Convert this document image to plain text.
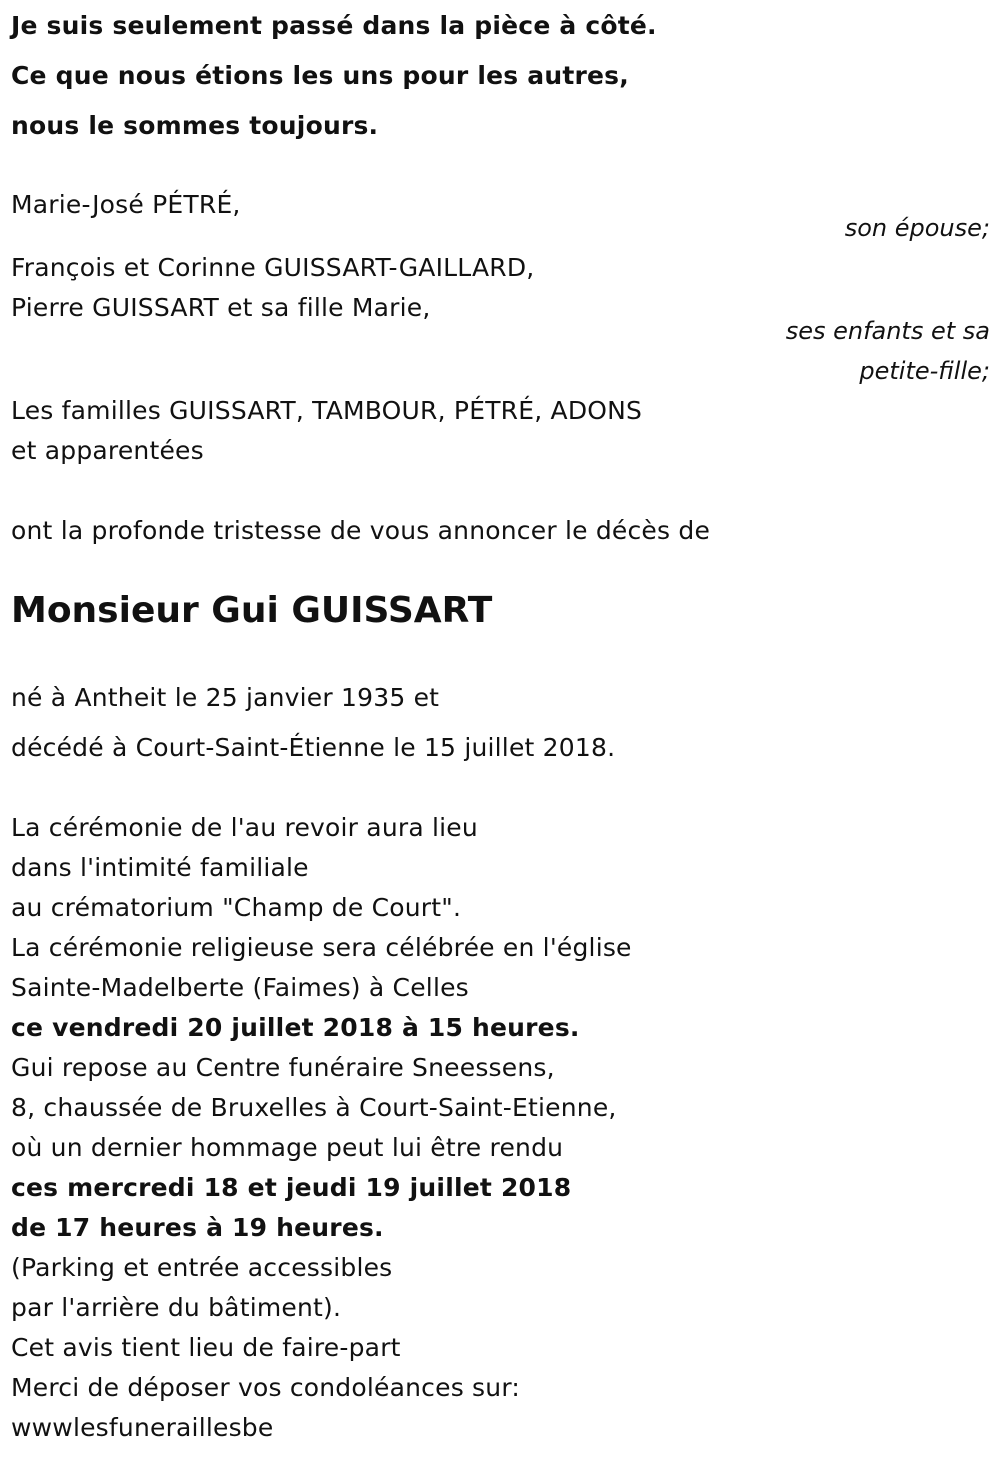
Je suis seulement passé dans la pièce à côté.

Ce que nous étions les uns pour les autres,

nous le sommes toujours.

Marie-José PÉTRÉ,

son épouse;

François et Corinne GUISSART-GAILLARD,

Pierre GUISSART et sa fille Marie,

ses enfants et sa

petite-fille;

Les familles GUISSART, TAMBOUR, PÉTRÉ, ADONS

et apparentées

ont la profonde tristesse de vous annoncer le décès de

Monsieur Gui GUISSART

né à Antheit le 25 janvier 1935 et

décédé à Court-Saint-Étienne le 15 juillet 2018.

La cérémonie de l'au revoir aura lieu

dans l'intimité familiale

au crématorium "Champ de Court".

La cérémonie religieuse sera célébrée en l'église

Sainte-Madelberte (Faimes) à Celles

ce vendredi 20 juillet 2018 à 15 heures.

Gui repose au Centre funéraire Sneessens,

8, chaussée de Bruxelles à Court-Saint-Etienne,

où un dernier hommage peut lui être rendu

ces mercredi 18 et jeudi 19 juillet 2018

de 17 heures à 19 heures.

(Parking et entrée accessibles

par l'arrière du bâtiment).

Cet avis tient lieu de faire-part

Merci de déposer vos condoléances sur:

wwwlesfuneraillesbe
